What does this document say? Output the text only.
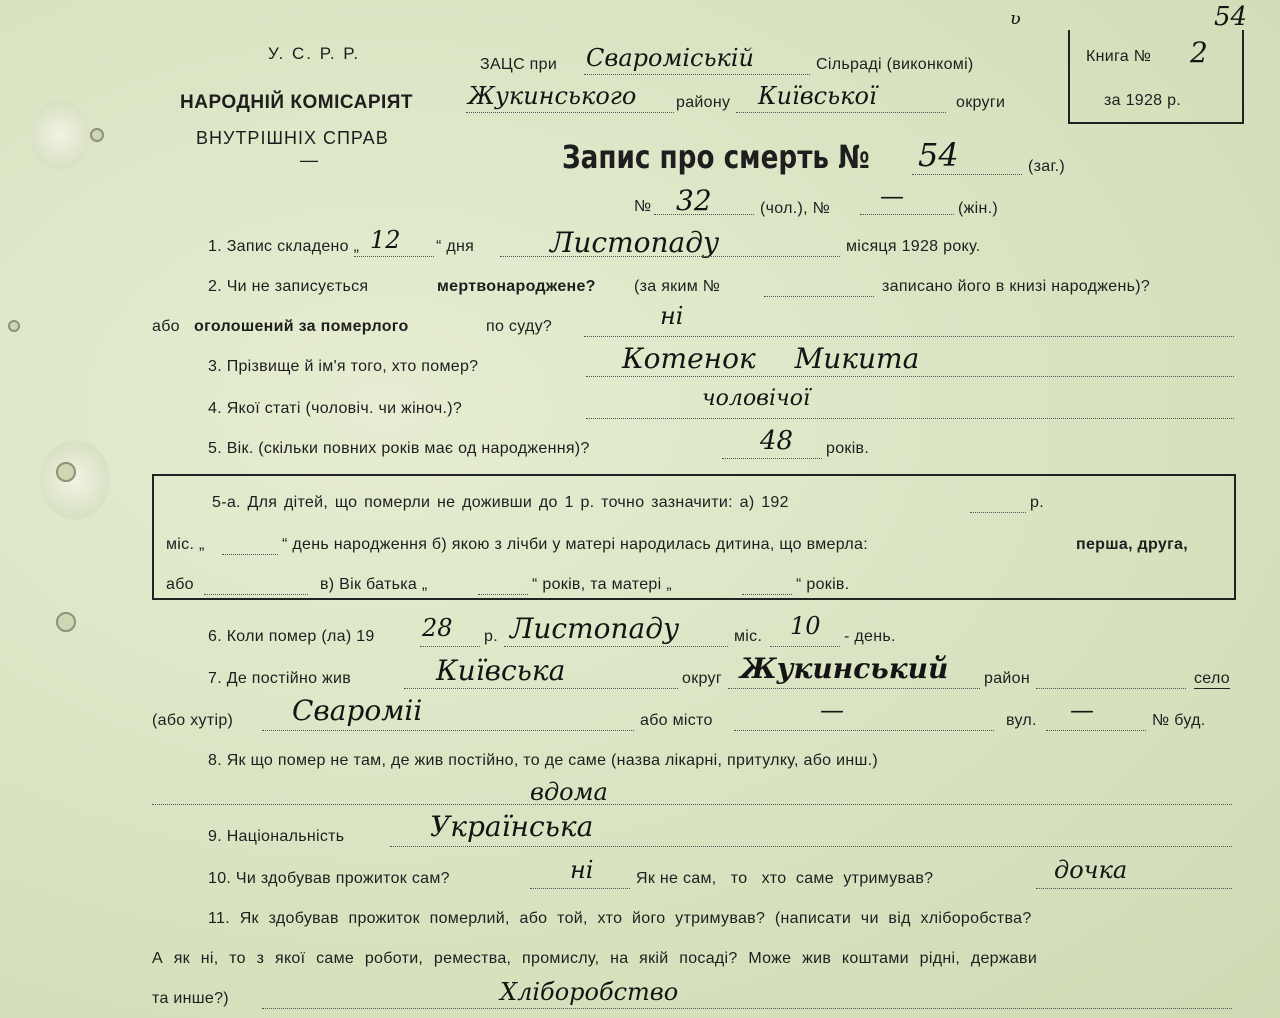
54
ʋ
У. С. Р. Р.
НАРОДНІЙ КОМІСАРІЯТ
ВНУТРІШНІХ СПРАВ
—
ЗАЦС при Свароміській	Сільраді (виконкомі)
Жукинського району Київської	округи
Книга № 2
за 1928 р.
Запис про смерть № 54	(заг.)
№ 32	(чол.), № —	(жін.)
1. Запис складено „ 12 “ дня	Листопаду	місяця 1928 року.
2. Чи не записується	мертвонароджене? (за яким №	записано його в книзі народжень)?
або оголошений за померлого	по суду?	ні
3. Прізвище й ім'я того, хто помер?	Котенок Микита
4. Якої статі (чоловіч. чи жіноч.)?	чоловічої
5. Вік. (скільки повних років має од народження)?	48 років.
5-а. Для дітей, що померли не доживши до 1 р. точно зазначити: а) 192	р.
міс. „	“ день народження б) якою з лічби у матері народилась дитина, що вмерла:	перша, друга,
або	в) Вік батька „	“ років, та матері „	“ років.
6. Коли помер (ла) 19 28 р. Листопаду	міс. 10 - день.
7. Де постійно жив	Київська	округ Жукинський район	село
(або хутір) Свароміі	або місто	—	вул. —	№ буд.
8. Як що помер не там, де жив постійно, то де саме (назва лікарні, притулку, або инш.)
вдома
9. Національність	Українська
10. Чи здобував прожиток сам?	ні	Як не сам,   то   хто  саме  утримував?	дочка
11. Як здобував прожиток померлий, або той, хто його утримував? (написати чи від хліборобства?
А як ні, то з якої саме роботи, ремества, промислу, на якій посаді? Може жив коштами рідні, держави
та инше?)	Хліборобство
